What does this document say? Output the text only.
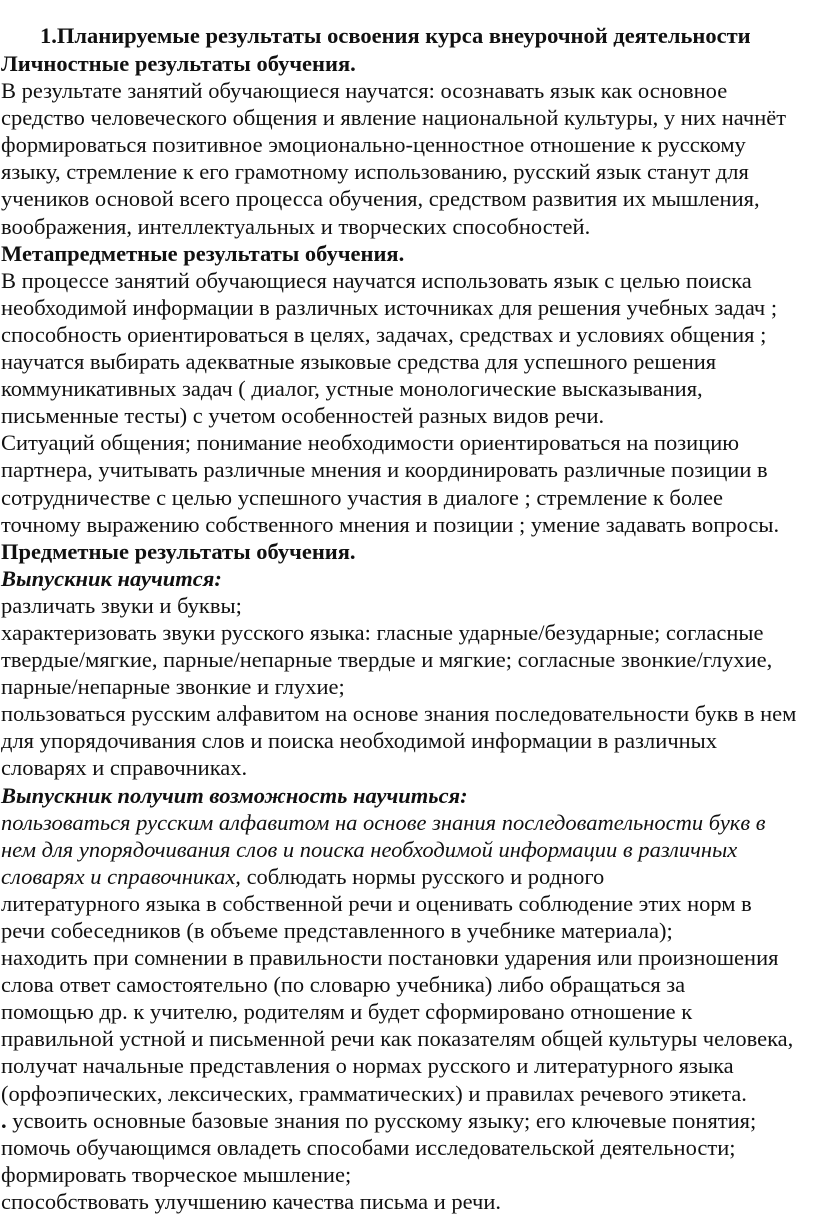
1.Планируемые результаты освоения курса внеурочной деятельности
Личностные результаты обучения.
В результате занятий обучающиеся научатся: осознавать язык как основное
средство человеческого общения и явление национальной культуры, у них начнёт
формироваться позитивное эмоционально-ценностное отношение к русскому
языку, стремление к его грамотному использованию, русский язык станут для
учеников основой всего процесса обучения, средством развития их мышления,
воображения, интеллектуальных и творческих способностей.
Метапредметные результаты обучения.
В процессе занятий обучающиеся научатся использовать язык с целью поиска
необходимой информации в различных источниках для решения учебных задач ;
способность ориентироваться в целях, задачах, средствах и условиях общения ;
научатся выбирать адекватные языковые средства для успешного решения
коммуникативных задач ( диалог, устные монологические высказывания,
письменные тесты) с учетом особенностей разных видов речи.
Ситуаций общения; понимание необходимости ориентироваться на позицию
партнера, учитывать различные мнения и координировать различные позиции в
сотрудничестве с целью успешного участия в диалоге ; стремление к более
точному выражению собственного мнения и позиции ; умение задавать вопросы.
Предметные результаты обучения.
Выпускник научится:
различать звуки и буквы;
характеризовать звуки русского языка: гласные ударные/безударные; согласные
твердые/мягкие, парные/непарные твердые и мягкие; согласные звонкие/глухие,
парные/непарные звонкие и глухие;
пользоваться русским алфавитом на основе знания последовательности букв в нем
для упорядочивания слов и поиска необходимой информации в различных
словарях и справочниках.
Выпускник получит возможность научиться:
пользоваться русским алфавитом на основе знания последовательности букв в
нем для упорядочивания слов и поиска необходимой информации в различных
словарях и справочниках, соблюдать нормы русского и родного
литературного языка в собственной речи и оценивать соблюдение этих норм в
речи собеседников (в объеме представленного в учебнике материала);
находить при сомнении в правильности постановки ударения или произношения
слова ответ самостоятельно (по словарю учебника) либо обращаться за
помощью др. к учителю, родителям и будет сформировано отношение к
правильной устной и письменной речи как показателям общей культуры человека,
получат начальные представления о нормах русского и литературного языка
(орфоэпических, лексических, грамматических) и правилах речевого этикета.
. усвоить основные базовые знания по русскому языку; его ключевые понятия;
помочь обучающимся овладеть способами исследовательской деятельности;
формировать творческое мышление;
способствовать улучшению качества письма и речи.
